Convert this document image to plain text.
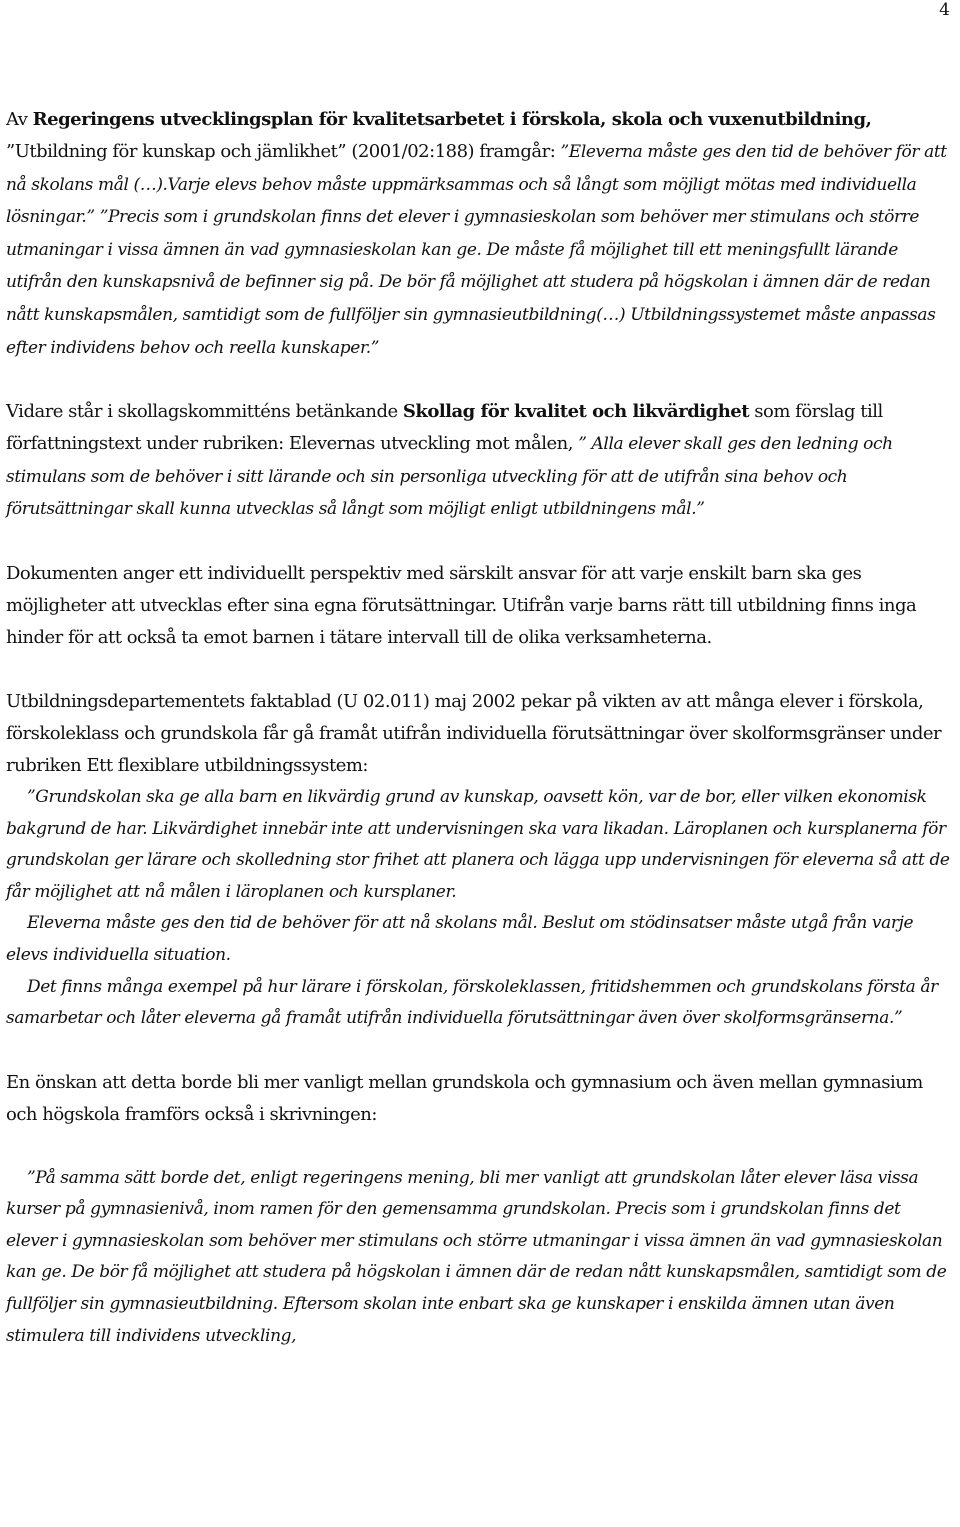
4

Av Regeringens utvecklingsplan för kvalitetsarbetet i förskola, skola och vuxenutbildning, ”Utbildning för kunskap och jämlikhet” (2001/02:188) framgår: ”Eleverna måste ges den tid de behöver för att nå skolans mål (…).Varje elevs behov måste uppmärksammas och så långt som möjligt mötas med individuella lösningar.” ”Precis som i grundskolan finns det elever i gymnasieskolan som behöver mer stimulans och större utmaningar i vissa ämnen än vad gymnasieskolan kan ge. De måste få möjlighet till ett meningsfullt lärande utifrån den kunskapsnivå de befinner sig på. De bör få möjlighet att studera på högskolan i ämnen där de redan nått kunskapsmålen, samtidigt som de fullföljer sin gymnasieutbildning(…) Utbildningssystemet måste anpassas efter individens behov och reella kunskaper.”

Vidare står i skollagskommitténs betänkande Skollag för kvalitet och likvärdighet som förslag till författningstext under rubriken: Elevernas utveckling mot målen, ” Alla elever skall ges den ledning och stimulans som de behöver i sitt lärande och sin personliga utveckling för att de utifrån sina behov och förutsättningar skall kunna utvecklas så långt som möjligt enligt utbildningens mål.”

Dokumenten anger ett individuellt perspektiv med särskilt ansvar för att varje enskilt barn ska ges möjligheter att utvecklas efter sina egna förutsättningar. Utifrån varje barns rätt till utbildning finns inga hinder för att också ta emot barnen i tätare intervall till de olika verksamheterna.

Utbildningsdepartementets faktablad (U 02.011) maj 2002 pekar på vikten av att många elever i förskola, förskoleklass och grundskola får gå framåt utifrån individuella förutsättningar över skolformsgränser under rubriken Ett flexiblare utbildningssystem:

”Grundskolan ska ge alla barn en likvärdig grund av kunskap, oavsett kön, var de bor, eller vilken ekonomisk bakgrund de har. Likvärdighet innebär inte att undervisningen ska vara likadan. Läroplanen och kursplanerna för grundskolan ger lärare och skolledning stor frihet att planera och lägga upp undervisningen för eleverna så att de får möjlighet att nå målen i läroplanen och kursplaner.

Eleverna måste ges den tid de behöver för att nå skolans mål. Beslut om stödinsatser måste utgå från varje elevs individuella situation.

Det finns många exempel på hur lärare i förskolan, förskoleklassen, fritidshemmen och grundskolans första år samarbetar och låter eleverna gå framåt utifrån individuella förutsättningar även över skolformsgränserna.”

En önskan att detta borde bli mer vanligt mellan grundskola och gymnasium och även mellan gymnasium och högskola framförs också i skrivningen:

”På samma sätt borde det, enligt regeringens mening, bli mer vanligt att grundskolan låter elever läsa vissa kurser på gymnasienivå, inom ramen för den gemensamma grundskolan. Precis som i grundskolan finns det elever i gymnasieskolan som behöver mer stimulans och större utmaningar i vissa ämnen än vad gymnasieskolan kan ge. De bör få möjlighet att studera på högskolan i ämnen där de redan nått kunskapsmålen, samtidigt som de fullföljer sin gymnasieutbildning. Eftersom skolan inte enbart ska ge kunskaper i enskilda ämnen utan även stimulera till individens utveckling,
